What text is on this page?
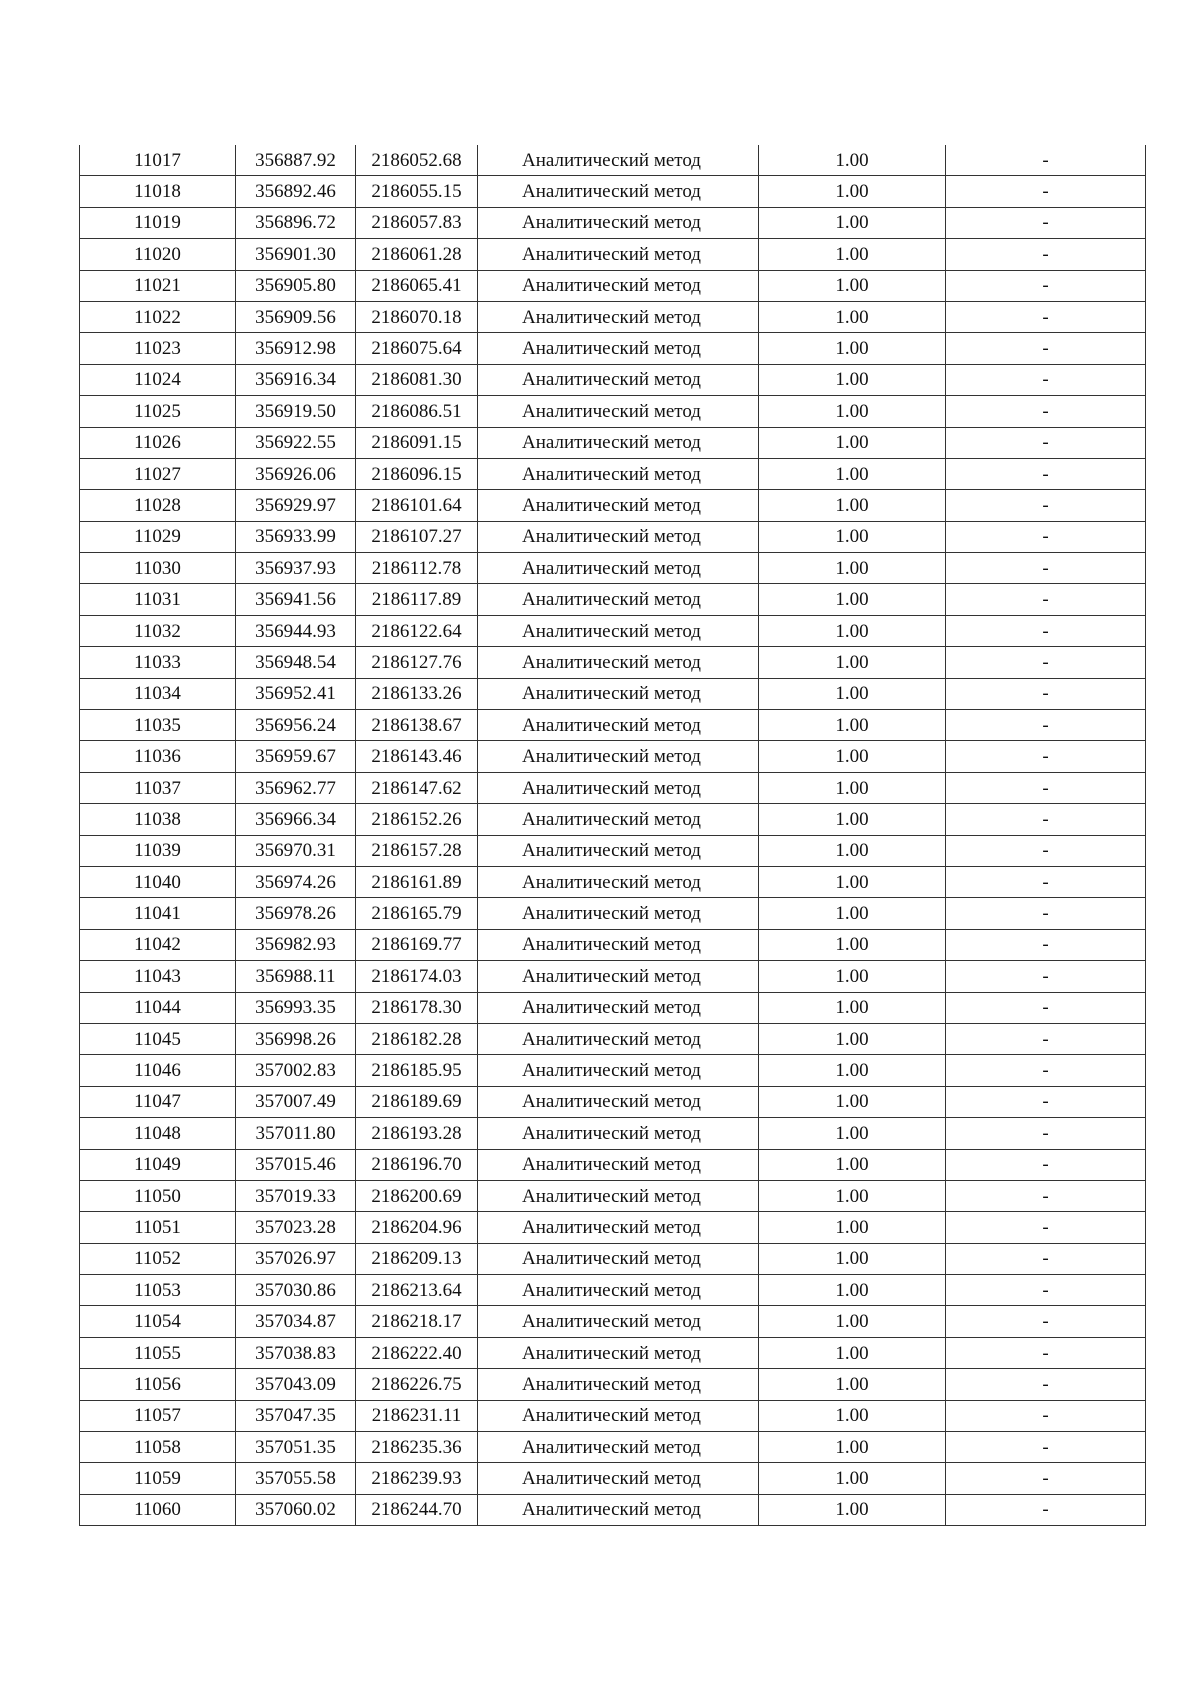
11017	356887.92	2186052.68	Аналитический метод	1.00	-
11018	356892.46	2186055.15	Аналитический метод	1.00	-
11019	356896.72	2186057.83	Аналитический метод	1.00	-
11020	356901.30	2186061.28	Аналитический метод	1.00	-
11021	356905.80	2186065.41	Аналитический метод	1.00	-
11022	356909.56	2186070.18	Аналитический метод	1.00	-
11023	356912.98	2186075.64	Аналитический метод	1.00	-
11024	356916.34	2186081.30	Аналитический метод	1.00	-
11025	356919.50	2186086.51	Аналитический метод	1.00	-
11026	356922.55	2186091.15	Аналитический метод	1.00	-
11027	356926.06	2186096.15	Аналитический метод	1.00	-
11028	356929.97	2186101.64	Аналитический метод	1.00	-
11029	356933.99	2186107.27	Аналитический метод	1.00	-
11030	356937.93	2186112.78	Аналитический метод	1.00	-
11031	356941.56	2186117.89	Аналитический метод	1.00	-
11032	356944.93	2186122.64	Аналитический метод	1.00	-
11033	356948.54	2186127.76	Аналитический метод	1.00	-
11034	356952.41	2186133.26	Аналитический метод	1.00	-
11035	356956.24	2186138.67	Аналитический метод	1.00	-
11036	356959.67	2186143.46	Аналитический метод	1.00	-
11037	356962.77	2186147.62	Аналитический метод	1.00	-
11038	356966.34	2186152.26	Аналитический метод	1.00	-
11039	356970.31	2186157.28	Аналитический метод	1.00	-
11040	356974.26	2186161.89	Аналитический метод	1.00	-
11041	356978.26	2186165.79	Аналитический метод	1.00	-
11042	356982.93	2186169.77	Аналитический метод	1.00	-
11043	356988.11	2186174.03	Аналитический метод	1.00	-
11044	356993.35	2186178.30	Аналитический метод	1.00	-
11045	356998.26	2186182.28	Аналитический метод	1.00	-
11046	357002.83	2186185.95	Аналитический метод	1.00	-
11047	357007.49	2186189.69	Аналитический метод	1.00	-
11048	357011.80	2186193.28	Аналитический метод	1.00	-
11049	357015.46	2186196.70	Аналитический метод	1.00	-
11050	357019.33	2186200.69	Аналитический метод	1.00	-
11051	357023.28	2186204.96	Аналитический метод	1.00	-
11052	357026.97	2186209.13	Аналитический метод	1.00	-
11053	357030.86	2186213.64	Аналитический метод	1.00	-
11054	357034.87	2186218.17	Аналитический метод	1.00	-
11055	357038.83	2186222.40	Аналитический метод	1.00	-
11056	357043.09	2186226.75	Аналитический метод	1.00	-
11057	357047.35	2186231.11	Аналитический метод	1.00	-
11058	357051.35	2186235.36	Аналитический метод	1.00	-
11059	357055.58	2186239.93	Аналитический метод	1.00	-
11060	357060.02	2186244.70	Аналитический метод	1.00	-
